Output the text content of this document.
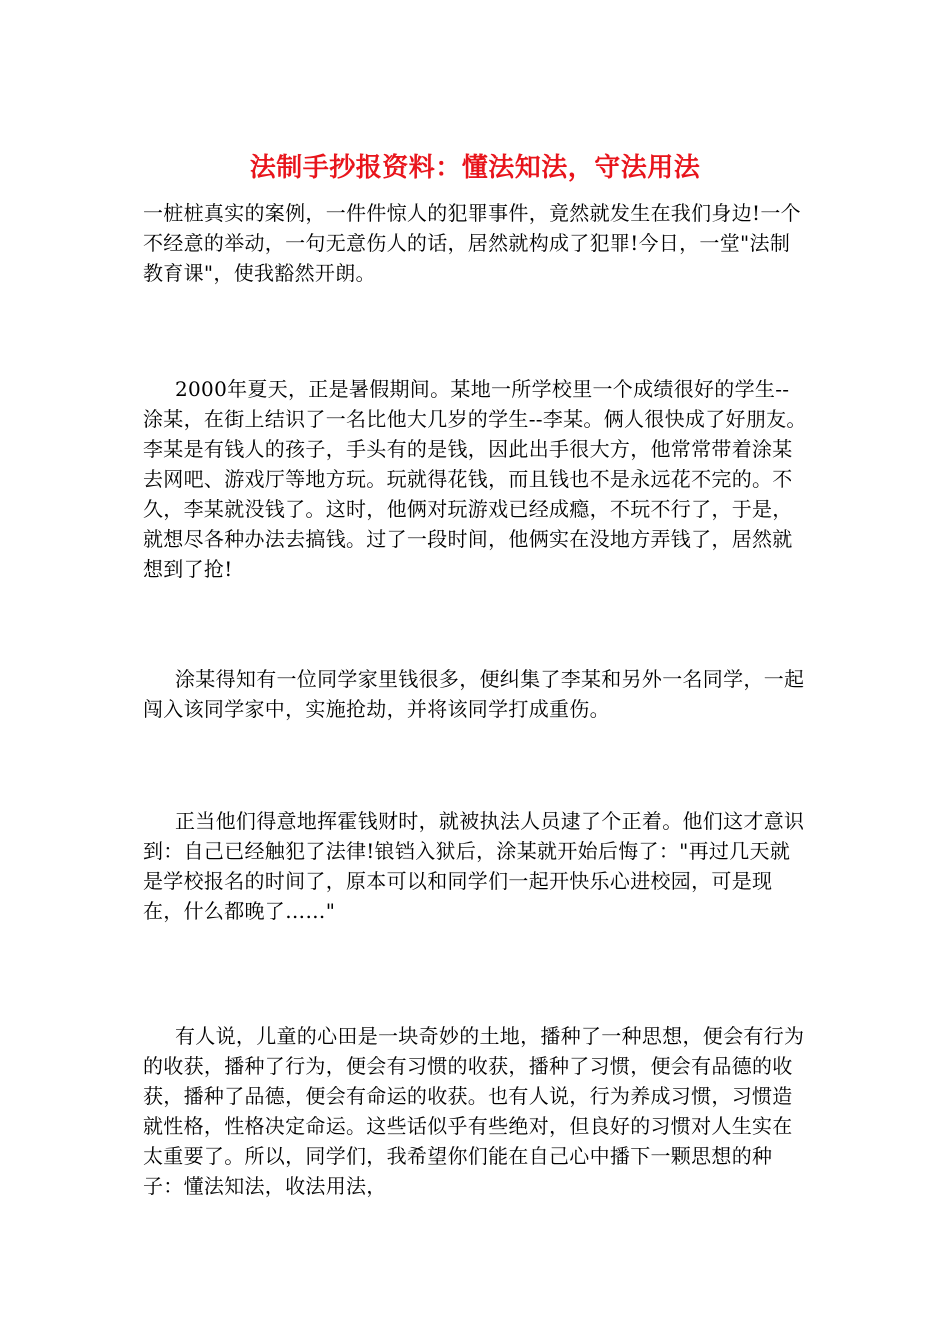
法制手抄报资料：懂法知法，守法用法

一桩桩真实的案例，一件件惊人的犯罪事件，竟然就发生在我们身边!一个不经意的举动，一句无意伤人的话，居然就构成了犯罪!今日，一堂"法制教育课"，使我豁然开朗。

2000年夏天，正是暑假期间。某地一所学校里一个成绩很好的学生--涂某，在街上结识了一名比他大几岁的学生--李某。俩人很快成了好朋友。李某是有钱人的孩子，手头有的是钱，因此出手很大方，他常常带着涂某去网吧、游戏厅等地方玩。玩就得花钱，而且钱也不是永远花不完的。不久，李某就没钱了。这时，他俩对玩游戏已经成瘾，不玩不行了，于是，就想尽各种办法去搞钱。过了一段时间，他俩实在没地方弄钱了，居然就想到了抢!

涂某得知有一位同学家里钱很多，便纠集了李某和另外一名同学，一起闯入该同学家中，实施抢劫，并将该同学打成重伤。

正当他们得意地挥霍钱财时，就被执法人员逮了个正着。他们这才意识到：自己已经触犯了法律!锒铛入狱后，涂某就开始后悔了："再过几天就是学校报名的时间了，原本可以和同学们一起开快乐心进校园，可是现在，什么都晚了……"

有人说，儿童的心田是一块奇妙的土地，播种了一种思想，便会有行为的收获，播种了行为，便会有习惯的收获，播种了习惯，便会有品德的收获，播种了品德，便会有命运的收获。也有人说，行为养成习惯，习惯造就性格，性格决定命运。这些话似乎有些绝对，但良好的习惯对人生实在太重要了。所以，同学们，我希望你们能在自己心中播下一颗思想的种子：懂法知法，收法用法，
